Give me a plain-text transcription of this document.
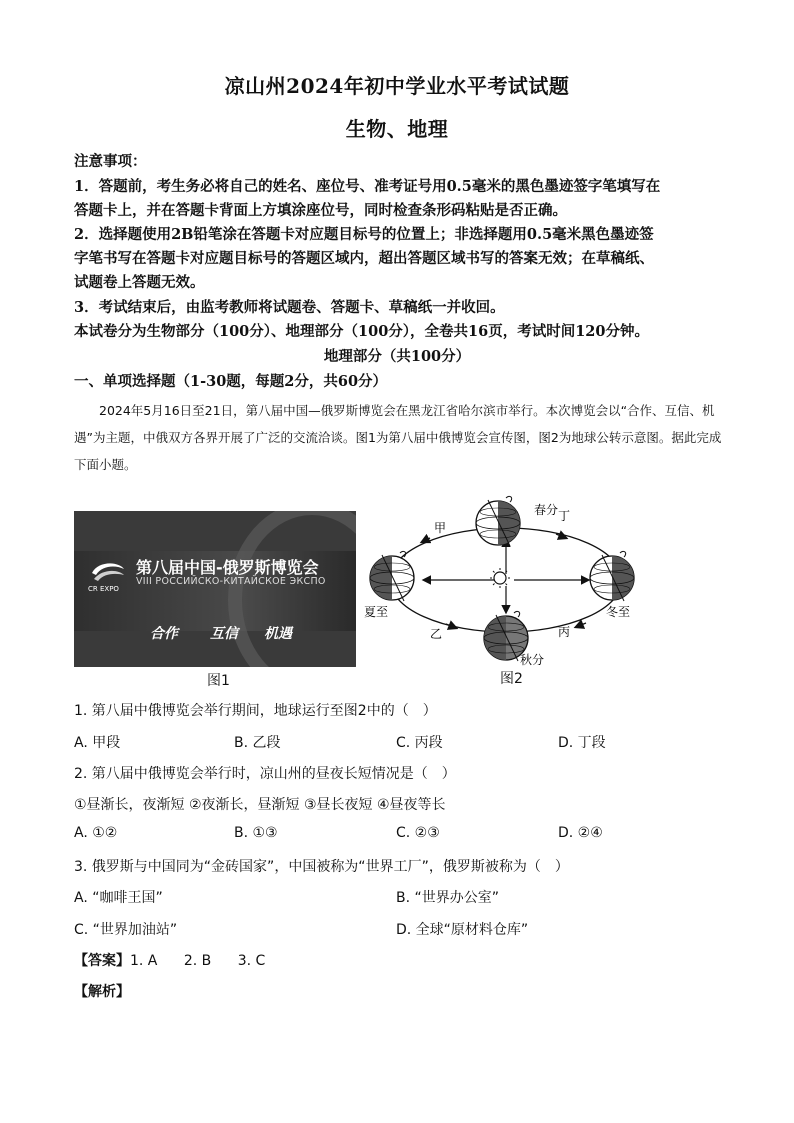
凉山州2024年初中学业水平考试试题
生物、地理
注意事项：
1．答题前，考生务必将自己的姓名、座位号、准考证号用0.5毫米的黑色墨迹签字笔填写在
答题卡上，并在答题卡背面上方填涂座位号，同时检查条形码粘贴是否正确。
2．选择题使用2B铅笔涂在答题卡对应题目标号的位置上；非选择题用0.5毫米黑色墨迹签
字笔书写在答题卡对应题目标号的答题区域内，超出答题区域书写的答案无效；在草稿纸、
试题卷上答题无效。
3．考试结束后，由监考教师将试题卷、答题卡、草稿纸一并收回。
本试卷分为生物部分（100分）、地理部分（100分），全卷共16页，考试时间120分钟。
地理部分（共100分）
一、单项选择题（1-30题，每题2分，共60分）
2024年5月16日至21日，第八届中国—俄罗斯博览会在黑龙江省哈尔滨市举行。本次博览会以“合作、互信、机遇”为主题，中俄双方各界开展了广泛的交流洽谈。图1为第八届中俄博览会宣传图，图2为地球公转示意图。据此完成下面小题。
CR EXPO
第八届中国-俄罗斯博览会
VIII РОССИЙСКО-КИТАЙСКОЕ ЭКСПО
合作 互信 机遇
图1
春分
夏至	冬至
秋分
甲
丁
乙	丙
图2
1. 第八届中俄博览会举行期间，地球运行至图2中的（　）
A. 甲段	B. 乙段	C. 丙段	D. 丁段
2. 第八届中俄博览会举行时，凉山州的昼夜长短情况是（　）
①昼渐长，夜渐短 ②夜渐长，昼渐短 ③昼长夜短 ④昼夜等长
A. ①②	B. ①③	C. ②③	D. ②④
3. 俄罗斯与中国同为“金砖国家”，中国被称为“世界工厂”，俄罗斯被称为（　）
A. “咖啡王国”	B. “世界办公室”
C. “世界加油站”	D. 全球“原材料仓库”
【答案】1. A 2. B 3. C
【解析】
